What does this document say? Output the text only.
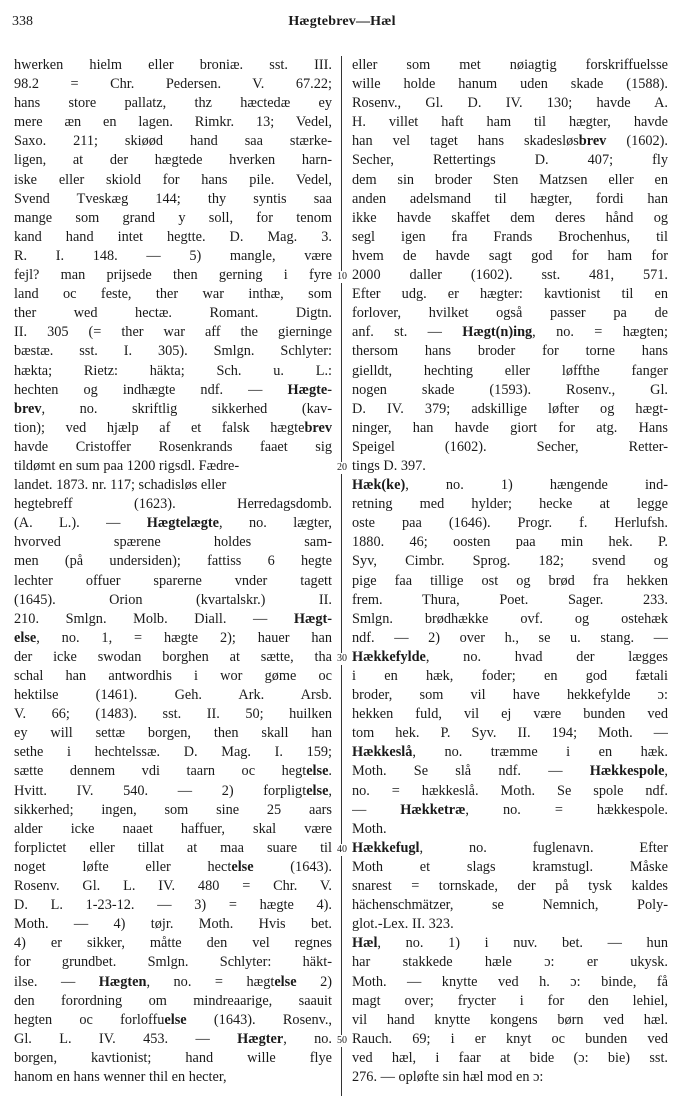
338	Hægtebrev—Hæl
hwerken hielm eller broniæ. sst. III.
98.2 = Chr. Pedersen. V. 67.22;
hans store pallatz, thz hæctedæ ey
mere æn en lagen. Rimkr. 13; Vedel,
Saxo. 211; skiøød hand saa stærke-
ligen, at der hægtede hverken harn-
iske eller skiold for hans pile. Vedel,
Svend Tveskæg 144; thy syntis saa
mange som grand y soll, for tenom
kand hand intet hegtte. D. Mag. 3.
R. I. 148. — 5) mangle, være
fejl? man prijsede then gerning i fyre
land oc feste, ther war inthæ, som
ther wed hectæ. Romant. Digtn.
II. 305 (= ther war aff the gierninge
bæstæ. sst. I. 305). Smlgn. Schlyter:
hækta; Rietz: häkta; Sch. u. L.:
hechten og indhægte ndf. — Hægte-
brev, no. skriftlig sikkerhed (kav-
tion); ved hjælp af et falsk hægtebrev
havde Cristoffer Rosenkrands faaet sig
tildømt en sum paa 1200 rigsdl. Fædre-
landet. 1873. nr. 117; schadisløs eller
hegtebreff (1623). Herredagsdomb.
(A. L.). — Hægtelægte, no. lægter,
hvorved spærene holdes sam-
men (på undersiden); fattiss 6 hegte
lechter offuer sparerne vnder tagett
(1645). Orion (kvartalskr.) II.
210. Smlgn. Molb. Diall. — Hægt-
else, no. 1, = hægte 2); hauer han
der icke swodan borghen at sætte, tha
schal han antwordhis i wor gøme oc
hektilse (1461). Geh. Ark. Arsb.
V. 66; (1483). sst. II. 50; huilken
ey will settæ borgen, then skall han
sethe i hechtelssæ. D. Mag. I. 159;
sætte dennem vdi taarn oc hegtelse.
Hvitt. IV. 540. — 2) forpligtelse,
sikkerhed; ingen, som sine 25 aars
alder icke naaet haffuer, skal være
forplictet eller tillat at maa suare til
noget løfte eller hectelse (1643).
Rosenv. Gl. L. IV. 480 = Chr. V.
D. L. 1-23-12. — 3) = hægte 4).
Moth. — 4) tøjr. Moth. Hvis bet.
4) er sikker, måtte den vel regnes
for grundbet. Smlgn. Schlyter: häkt-
ilse. — Hægten, no. = hægtelse 2)
den forordning om mindreaarige, saauit
hegten oc forloffuelse (1643). Rosenv.,
Gl. L. IV. 453. — Hægter, no.
borgen, kavtionist; hand wille flye
hanom en hans wenner thil en hecter,
eller som met nøiagtig forskriffuelsse
wille holde hanum uden skade (1588).
Rosenv., Gl. D. IV. 130; havde A.
H. villet haft ham til hægter, havde
han vel taget hans skadesløsbrev (1602).
Secher, Rettertings D. 407; fly
dem sin broder Sten Matzsen eller en
anden adelsmand til hægter, fordi han
ikke havde skaffet dem deres hånd og
segl igen fra Frands Brochenhus, til
hvem de havde sagt god for ham for
2000 daller (1602). sst. 481, 571.
Efter udg. er hægter: kavtionist til en
forlover, hvilket også passer pa de
anf. st. — Hægt(n)ing, no. = hægten;
thersom hans broder for torne hans
gielldt, hechting eller løffthe fanger
nogen skade (1593). Rosenv., Gl.
D. IV. 379; adskillige løfter og hægt-
ninger, han havde giort for atg. Hans
Speigel (1602). Secher, Retter-
tings D. 397.
Hæk(ke), no. 1) hængende ind-
retning med hylder; hecke at legge
oste paa (1646). Progr. f. Herlufsh.
1880. 46; oosten paa min hek. P.
Syv, Cimbr. Sprog. 182; svend og
pige faa tillige ost og brød fra hekken
frem. Thura, Poet. Sager. 233.
Smlgn. brødhække ovf. og ostehæk
ndf. — 2) over h., se u. stang. —
Hækkefylde, no. hvad der lægges
i en hæk, foder; en god fætali
broder, som vil have hekkefylde ɔ:
hekken fuld, vil ej være bunden ved
tom hek. P. Syv. II. 194; Moth. —
Hækkeslå, no. træmme i en hæk.
Moth. Se slå ndf. — Hækkespole,
no. = hækkeslå. Moth. Se spole ndf.
— Hækketræ, no. = hækkespole.
Moth.
Hækkefugl, no. fuglenavn. Efter
Moth et slags kramstugl. Måske
snarest = tornskade, der på tysk kaldes
hächenschmätzer, se Nemnich, Poly-
glot.-Lex. II. 323.
Hæl, no. 1) i nuv. bet. — hun
har stakkede hæle ɔ: er ukysk.
Moth. — knytte ved h. ɔ: binde, få
magt over; frycter i for den lehiel,
vil hand knytte kongens børn ved hæl.
Rauch. 69; i er knyt oc bunden ved
ved hæl, i faar at bide (ɔ: bie) sst.
276. — opløfte sin hæl mod en ɔ:
10
20
30
40
50
